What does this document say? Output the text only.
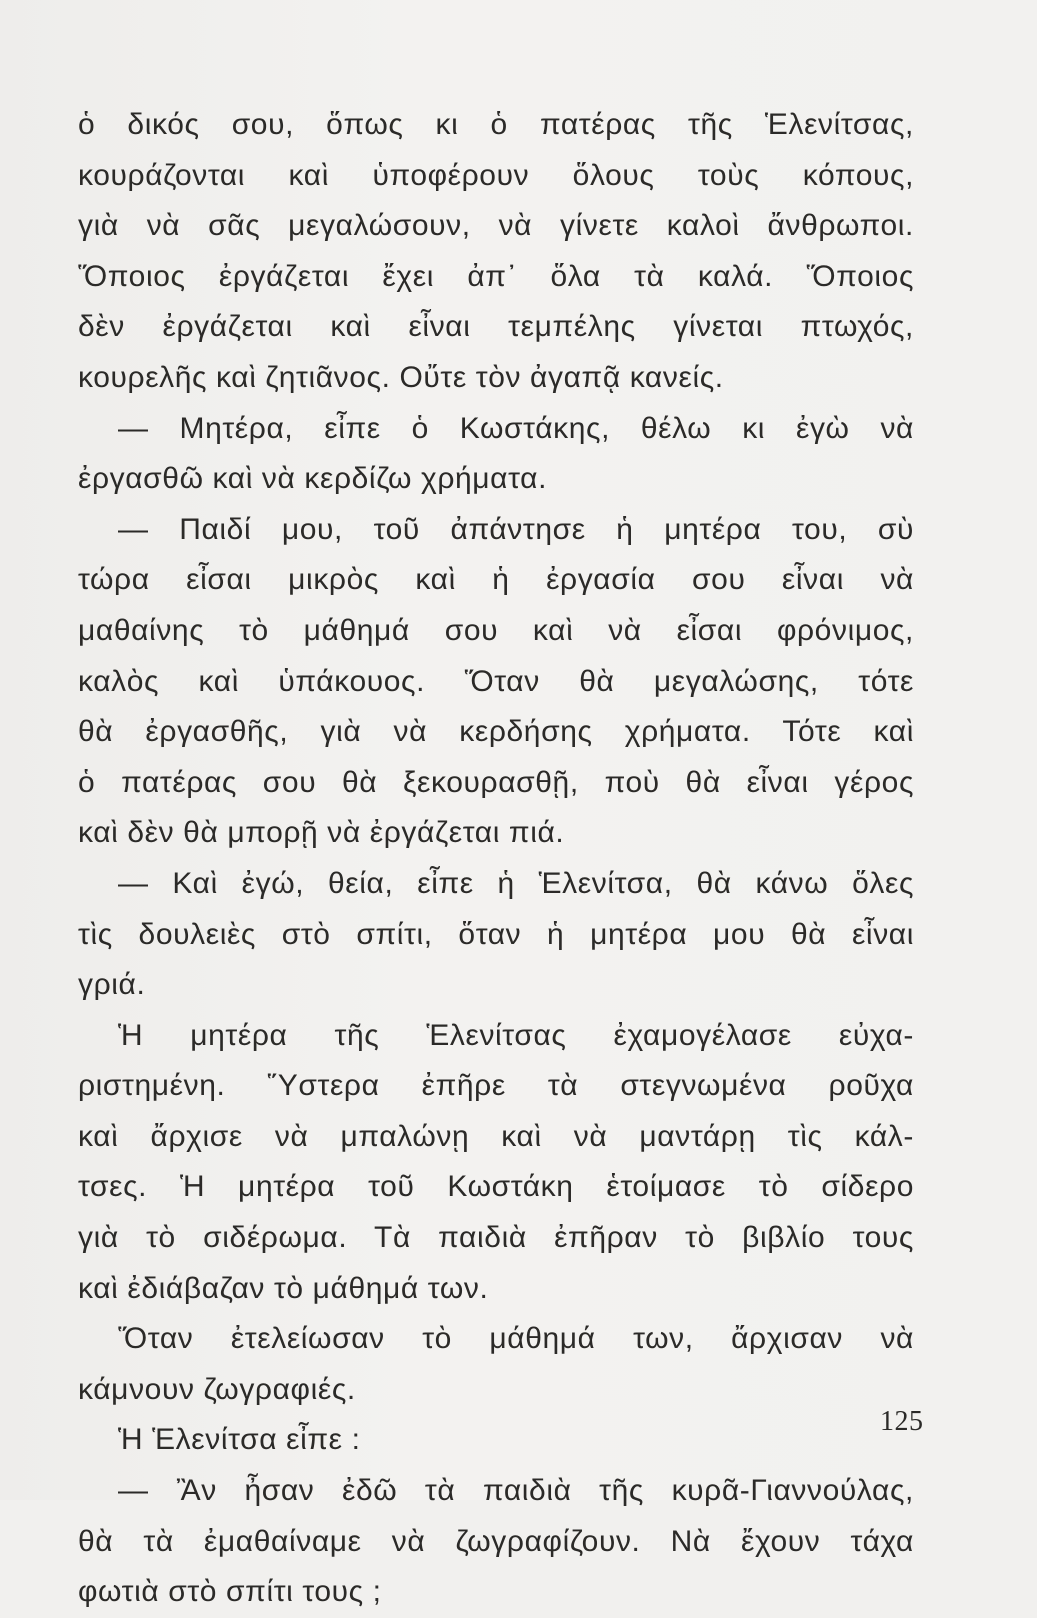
ὁ δικός σου, ὅπως κι ὁ πατέρας τῆς Ἑλενίτσας,
κουράζονται καὶ ὑποφέρουν ὅλους τοὺς κόπους,
γιὰ νὰ σᾶς μεγαλώσουν, νὰ γίνετε καλοὶ ἄνθρωποι.
Ὅποιος ἐργάζεται ἔχει ἀπ᾿ ὅλα τὰ καλά. Ὅποιος
δὲν ἐργάζεται καὶ εἶναι τεμπέλης γίνεται πτωχός,
κουρελῆς καὶ ζητιᾶνος. Οὔτε τὸν ἀγαπᾷ κανείς.
— Μητέρα, εἶπε ὁ Κωστάκης, θέλω κι ἐγὼ νὰ
ἐργασθῶ καὶ νὰ κερδίζω χρήματα.
— Παιδί μου, τοῦ ἀπάντησε ἡ μητέρα του, σὺ
τώρα εἶσαι μικρὸς καὶ ἡ ἐργασία σου εἶναι νὰ
μαθαίνης τὸ μάθημά σου καὶ νὰ εἶσαι φρόνιμος,
καλὸς καὶ ὑπάκουος. Ὅταν θὰ μεγαλώσης, τότε
θὰ ἐργασθῆς, γιὰ νὰ κερδήσης χρήματα. Τότε καὶ
ὁ πατέρας σου θὰ ξεκουρασθῇ, ποὺ θὰ εἶναι γέρος
καὶ δὲν θὰ μπορῇ νὰ ἐργάζεται πιά.
— Καὶ ἐγώ, θεία, εἶπε ἡ Ἑλενίτσα, θὰ κάνω ὅλες
τὶς δουλειὲς στὸ σπίτι, ὅταν ἡ μητέρα μου θὰ εἶναι
γριά.
Ἡ μητέρα τῆς Ἑλενίτσας ἐχαμογέλασε εὐχα-
ριστημένη. Ὕστερα ἐπῆρε τὰ στεγνωμένα ροῦχα
καὶ ἄρχισε νὰ μπαλώνῃ καὶ νὰ μαντάρῃ τὶς κάλ-
τσες. Ἡ μητέρα τοῦ Κωστάκη ἑτοίμασε τὸ σίδερο
γιὰ τὸ σιδέρωμα. Τὰ παιδιὰ ἐπῆραν τὸ βιβλίο τους
καὶ ἐδιάβαζαν τὸ μάθημά των.
Ὅταν ἐτελείωσαν τὸ μάθημά των, ἄρχισαν νὰ
κάμνουν ζωγραφιές.
Ἡ Ἑλενίτσα εἶπε :
— Ἂν ἦσαν ἐδῶ τὰ παιδιὰ τῆς κυρᾶ-Γιαννούλας,
θὰ τὰ ἐμαθαίναμε νὰ ζωγραφίζουν. Νὰ ἔχουν τάχα
φωτιὰ στὸ σπίτι τους ;
125
